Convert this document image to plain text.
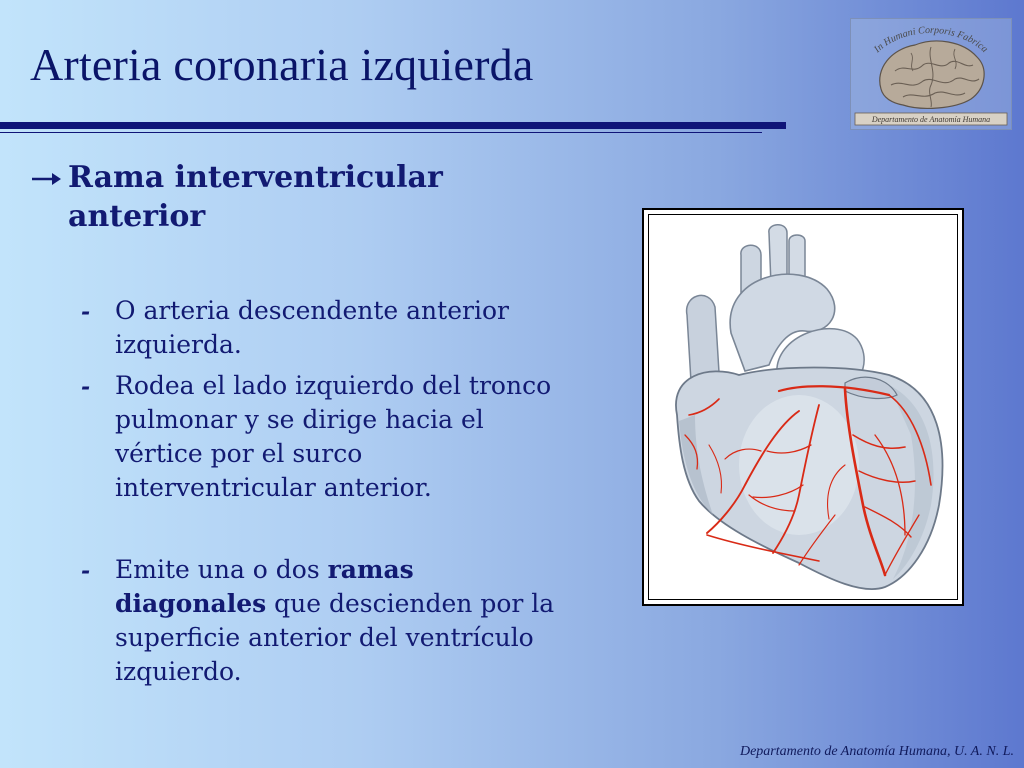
Arteria coronaria izquierda	In Humani Corporis Fabrica
Departamento de Anatomía Humana
Rama interventricular anterior
- O arteria descendente anterior izquierda.
- Rodea el lado izquierdo del tronco pulmonar y se dirige hacia el vértice por el surco interventricular anterior.
- Emite una o dos ramas diagonales que descienden por la superficie anterior del ventrículo izquierdo.
Departamento de Anatomía Humana, U. A. N. L.
